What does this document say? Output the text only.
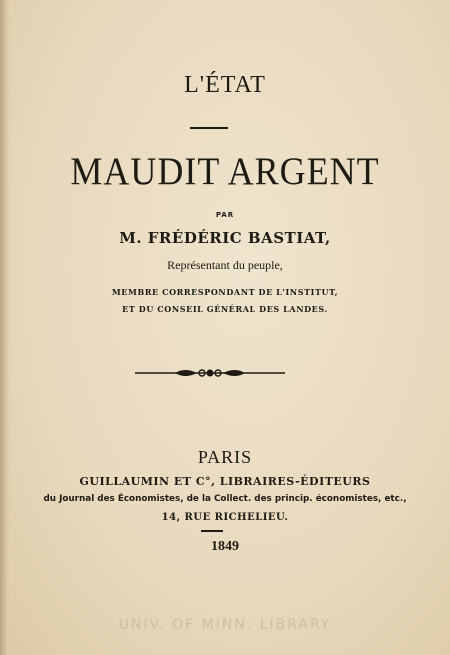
L'ÉTAT
MAUDIT ARGENT
PAR
M. FRÉDÉRIC BASTIAT,
Représentant du peuple,
MEMBRE CORRESPONDANT DE L'INSTITUT,
ET DU CONSEIL GÉNÉRAL DES LANDES.
PARIS
GUILLAUMIN ET C°, LIBRAIRES-ÉDITEURS
du Journal des Économistes, de la Collect. des princip. économistes, etc.,
14, RUE RICHELIEU.
1849
UNIV. OF MINN. LIBRARY
